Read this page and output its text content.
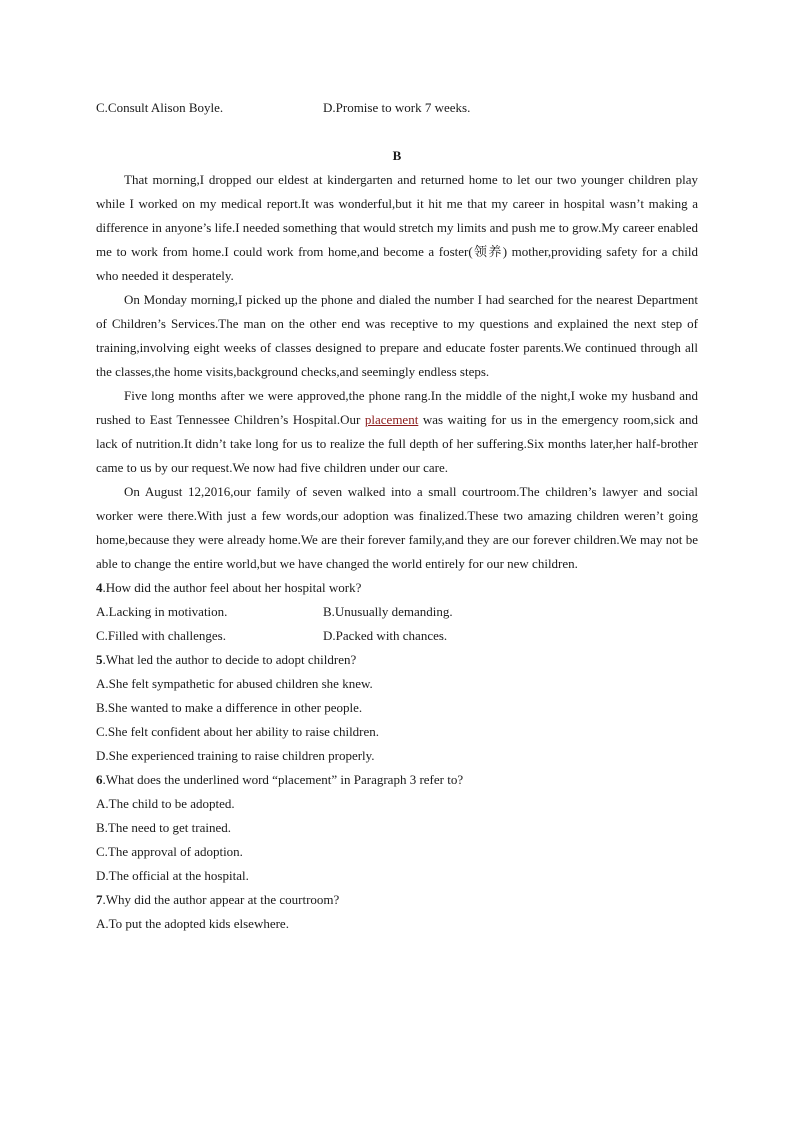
C.Consult Alison Boyle.	D.Promise to work 7 weeks.
B

That morning,I dropped our eldest at kindergarten and returned home to let our two younger children play while I worked on my medical report.It was wonderful,but it hit me that my career in hospital wasn’t making a difference in anyone’s life.I needed something that would stretch my limits and push me to grow.My career enabled me to work from home.I could work from home,and become a foster(领养) mother,providing safety for a child who needed it desperately.

On Monday morning,I picked up the phone and dialed the number I had searched for the nearest Department of Children’s Services.The man on the other end was receptive to my questions and explained the next step of training,involving eight weeks of classes designed to prepare and educate foster parents.We continued through all the classes,the home visits,background checks,and seemingly endless steps.

Five long months after we were approved,the phone rang.In the middle of the night,I woke my husband and rushed to East Tennessee Children’s Hospital.Our placement was waiting for us in the emergency room,sick and lack of nutrition.It didn’t take long for us to realize the full depth of her suffering.Six months later,her half-brother came to us by our request.We now had five children under our care.

On August 12,2016,our family of seven walked into a small courtroom.The children’s lawyer and social worker were there.With just a few words,our adoption was finalized.These two amazing children weren’t going home,because they were already home.We are their forever family,and they are our forever children.We may not be able to change the entire world,but we have changed the world entirely for our new children.

4.How did the author feel about her hospital work?
A.Lacking in motivation.	B.Unusually demanding.
C.Filled with challenges.	D.Packed with chances.
5.What led the author to decide to adopt children?
A.She felt sympathetic for abused children she knew.
B.She wanted to make a difference in other people.
C.She felt confident about her ability to raise children.
D.She experienced training to raise children properly.
6.What does the underlined word “placement” in Paragraph 3 refer to?
A.The child to be adopted.
B.The need to get trained.
C.The approval of adoption.
D.The official at the hospital.
7.Why did the author appear at the courtroom?
A.To put the adopted kids elsewhere.
